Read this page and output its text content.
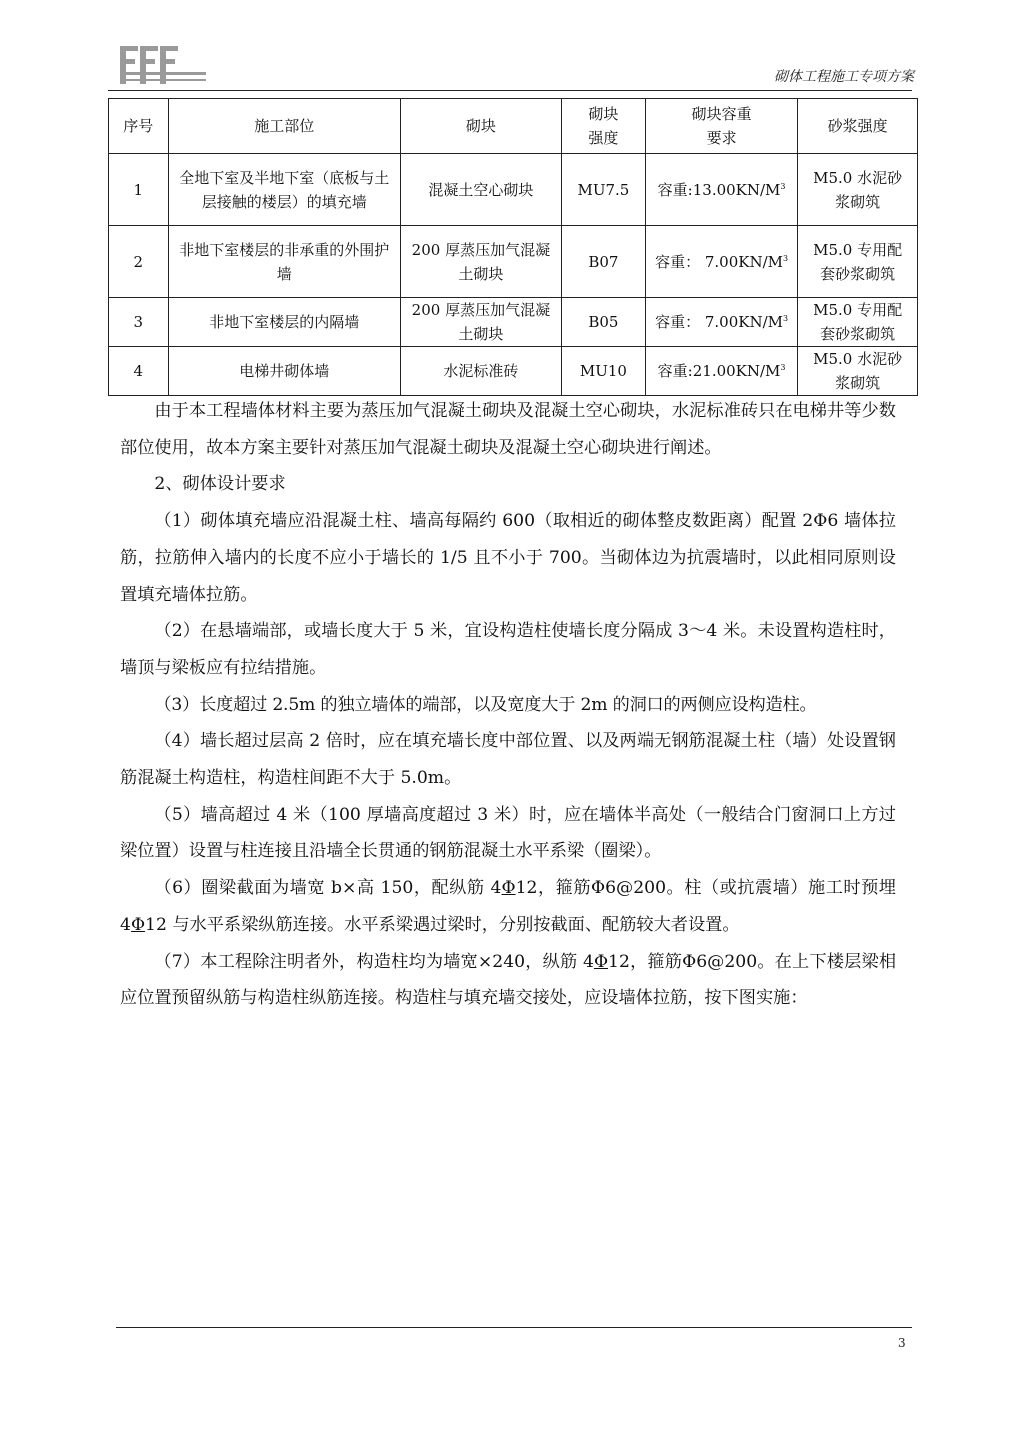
砌体工程施工专项方案
序号	施工部位	砌块	砌块强度	砌块容重要求	砂浆强度
1	全地下室及半地下室（底板与土层接触的楼层）的填充墙	混凝土空心砌块	MU7.5	容重$:13.00KN/M^3$	M5.0 水泥砂浆砌筑
2	非地下室楼层的非承重的外围护墙	200 厚蒸压加气混凝土砌块	B07	容重： $7.00KN/M^3$	M5.0 专用配套砂浆砌筑
3	非地下室楼层的内隔墙	200 厚蒸压加气混凝土砌块	B05	容重： $7.00KN/M^3$	M5.0 专用配套砂浆砌筑
4	电梯井砌体墙	水泥标准砖	MU10	容重$:21.00KN/M^3$	M5.0 水泥砂浆砌筑

由于本工程墙体材料主要为蒸压加气混凝土砌块及混凝土空心砌块，水泥标准砖只在电梯井等少数部位使用，故本方案主要针对蒸压加气混凝土砌块及混凝土空心砌块进行阐述。

2、砌体设计要求

（1）砌体填充墙应沿混凝土柱、墙高每隔约 600（取相近的砌体整皮数距离）配置 2Φ6 墙体拉筋，拉筋伸入墙内的长度不应小于墙长的 1/5 且不小于 700。当砌体边为抗震墙时，以此相同原则设置填充墙体拉筋。

（2）在悬墙端部，或墙长度大于 5 米，宜设构造柱使墙长度分隔成 3～4 米。未设置构造柱时，墙顶与梁板应有拉结措施。

（3）长度超过 2.5m 的独立墙体的端部，以及宽度大于 2m 的洞口的两侧应设构造柱。

（4）墙长超过层高 2 倍时，应在填充墙长度中部位置、以及两端无钢筋混凝土柱（墙）处设置钢筋混凝土构造柱，构造柱间距不大于 5.0m。

（5）墙高超过 4 米（100 厚墙高度超过 3 米）时，应在墙体半高处（一般结合门窗洞口上方过梁位置）设置与柱连接且沿墙全长贯通的钢筋混凝土水平系梁（圈梁）。

（6）圈梁截面为墙宽 b×高 150，配纵筋 4Φ12，箍筋Φ6@200。柱（或抗震墙）施工时预埋 4Φ12 与水平系梁纵筋连接。水平系梁遇过梁时，分别按截面、配筋较大者设置。

（7）本工程除注明者外，构造柱均为墙宽×240，纵筋 4Φ12，箍筋Φ6@200。在上下楼层梁相应位置预留纵筋与构造柱纵筋连接。构造柱与填充墙交接处，应设墙体拉筋，按下图实施：

3
